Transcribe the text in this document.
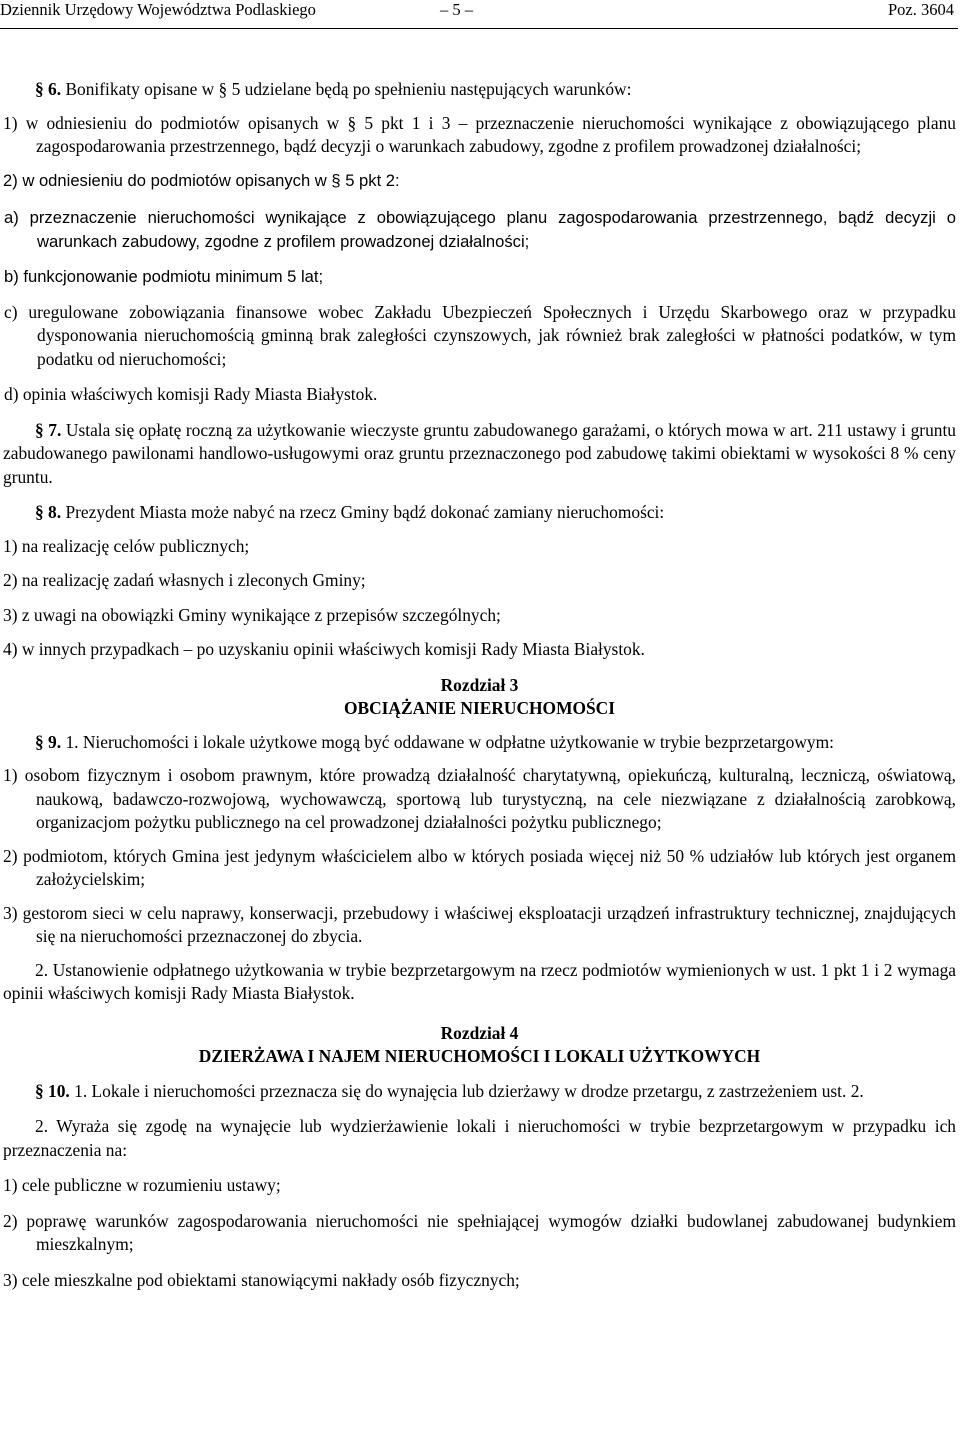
Dziennik Urzędowy Województwa Podlaskiego	– 5 –	Poz. 3604

§ 6. Bonifikaty opisane w § 5 udzielane będą po spełnieniu następujących warunków:

1) w odniesieniu do podmiotów opisanych w § 5 pkt 1 i 3 – przeznaczenie nieruchomości wynikające z obowiązującego planu zagospodarowania przestrzennego, bądź decyzji o warunkach zabudowy, zgodne z profilem prowadzonej działalności;

2) w odniesieniu do podmiotów opisanych w § 5 pkt 2:

a) przeznaczenie nieruchomości wynikające z obowiązującego planu zagospodarowania przestrzennego, bądź decyzji o warunkach zabudowy, zgodne z profilem prowadzonej działalności;

b) funkcjonowanie podmiotu minimum 5 lat;

c) uregulowane zobowiązania finansowe wobec Zakładu Ubezpieczeń Społecznych i Urzędu Skarbowego oraz w przypadku dysponowania nieruchomością gminną brak zaległości czynszowych, jak również brak zaległości w płatności podatków, w tym podatku od nieruchomości;

d) opinia właściwych komisji Rady Miasta Białystok.

§ 7. Ustala się opłatę roczną za użytkowanie wieczyste gruntu zabudowanego garażami, o których mowa w art. 211 ustawy i gruntu zabudowanego pawilonami handlowo-usługowymi oraz gruntu przeznaczonego pod zabudowę takimi obiektami w wysokości 8 % ceny gruntu.

§ 8. Prezydent Miasta może nabyć na rzecz Gminy bądź dokonać zamiany nieruchomości:

1) na realizację celów publicznych;

2) na realizację zadań własnych i zleconych Gminy;

3) z uwagi na obowiązki Gminy wynikające z przepisów szczególnych;

4) w innych przypadkach – po uzyskaniu opinii właściwych komisji Rady Miasta Białystok.

Rozdział 3

OBCIĄŻANIE NIERUCHOMOŚCI

§ 9. 1. Nieruchomości i lokale użytkowe mogą być oddawane w odpłatne użytkowanie w trybie bezprzetargowym:

1) osobom fizycznym i osobom prawnym, które prowadzą działalność charytatywną, opiekuńczą, kulturalną, leczniczą, oświatową, naukową, badawczo-rozwojową, wychowawczą, sportową lub turystyczną, na cele niezwiązane z działalnością zarobkową, organizacjom pożytku publicznego na cel prowadzonej działalności pożytku publicznego;

2) podmiotom, których Gmina jest jedynym właścicielem albo w których posiada więcej niż 50 % udziałów lub których jest organem założycielskim;

3) gestorom sieci w celu naprawy, konserwacji, przebudowy i właściwej eksploatacji urządzeń infrastruktury technicznej, znajdujących się na nieruchomości przeznaczonej do zbycia.

2. Ustanowienie odpłatnego użytkowania w trybie bezprzetargowym na rzecz podmiotów wymienionych w ust. 1 pkt 1 i 2 wymaga opinii właściwych komisji Rady Miasta Białystok.

Rozdział 4

DZIERŻAWA I NAJEM NIERUCHOMOŚCI I LOKALI UŻYTKOWYCH

§ 10. 1. Lokale i nieruchomości przeznacza się do wynajęcia lub dzierżawy w drodze przetargu, z zastrzeżeniem ust. 2.

2. Wyraża się zgodę na wynajęcie lub wydzierżawienie lokali i nieruchomości w trybie bezprzetargowym w przypadku ich przeznaczenia na:

1) cele publiczne w rozumieniu ustawy;

2) poprawę warunków zagospodarowania nieruchomości nie spełniającej wymogów działki budowlanej zabudowanej budynkiem mieszkalnym;

3) cele mieszkalne pod obiektami stanowiącymi nakłady osób fizycznych;
